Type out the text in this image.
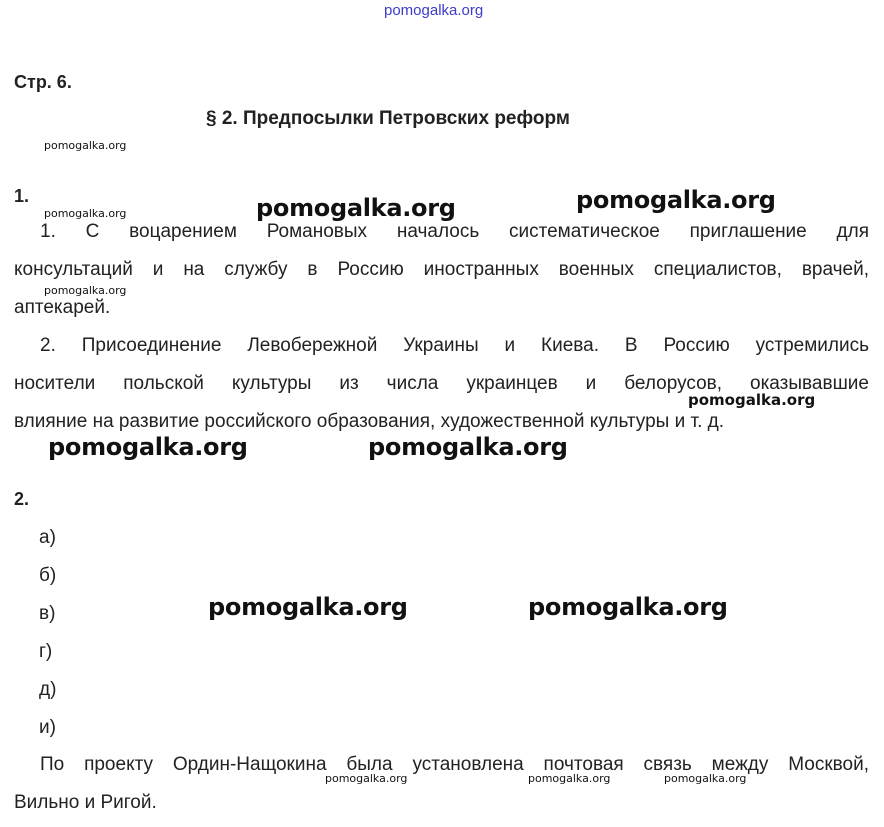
pomogalka.org
Стр. 6.
§ 2. Предпосылки Петровских реформ
pomogalka.org
1.
pomogalka.org	pomogalka.org	pomogalka.org
1. С воцарением Романовых началось систематическое приглашение для
консультаций и на службу в Россию иностранных военных специалистов, врачей,
аптекарей.
pomogalka.org
2. Присоединение Левобережной Украины и Киева. В Россию устремились
носители польской культуры из числа украинцев и белорусов, оказывавшие
влияние на развитие российского образования, художественной культуры и т. д.
pomogalka.org
pomogalka.org	pomogalka.org
2.
а)
б)
в)
г)
д)
и)
pomogalka.org	pomogalka.org
По проекту Ордин-Нащокина была установлена почтовая связь между Москвой,
Вильно и Ригой.
pomogalka.org	pomogalka.org	pomogalka.org
